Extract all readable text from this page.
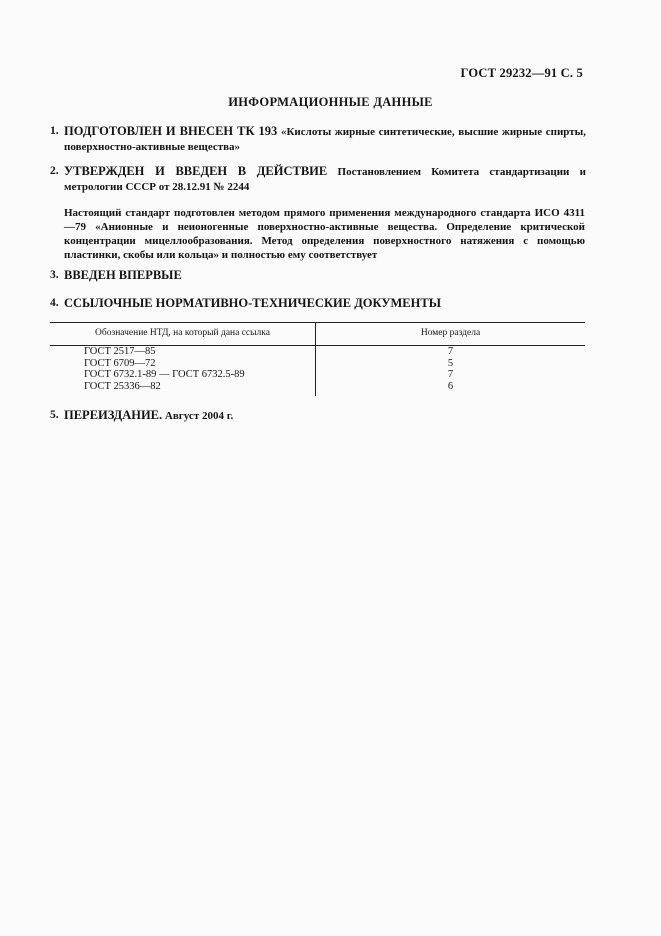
ГОСТ 29232—91 С. 5
ИНФОРМАЦИОННЫЕ ДАННЫЕ
1. ПОДГОТОВЛЕН И ВНЕСЕН ТК 193 «Кислоты жирные синтетические, высшие жирные спирты, поверхностно-активные вещества»
2. УТВЕРЖДЕН И ВВЕДЕН В ДЕЙСТВИЕ Постановлением Комитета стандартизации и метрологии СССР от 28.12.91 № 2244
Настоящий стандарт подготовлен методом прямого применения международного стандарта ИСО 4311—79 «Анионные и неионогенные поверхностно-активные вещества. Определение критической концентрации мицеллообразования. Метод определения поверхностного натяжения с помощью пластинки, скобы или кольца» и полностью ему соответствует
3. ВВЕДЕН ВПЕРВЫЕ
4. ССЫЛОЧНЫЕ НОРМАТИВНО-ТЕХНИЧЕСКИЕ ДОКУМЕНТЫ
Обозначение НТД, на который дана ссылка	Номер раздела
ГОСТ 2517—85	7
ГОСТ 6709—72	5
ГОСТ 6732.1-89 — ГОСТ 6732.5-89	7
ГОСТ 25336—82	6
5. ПЕРЕИЗДАНИЕ. Август 2004 г.
